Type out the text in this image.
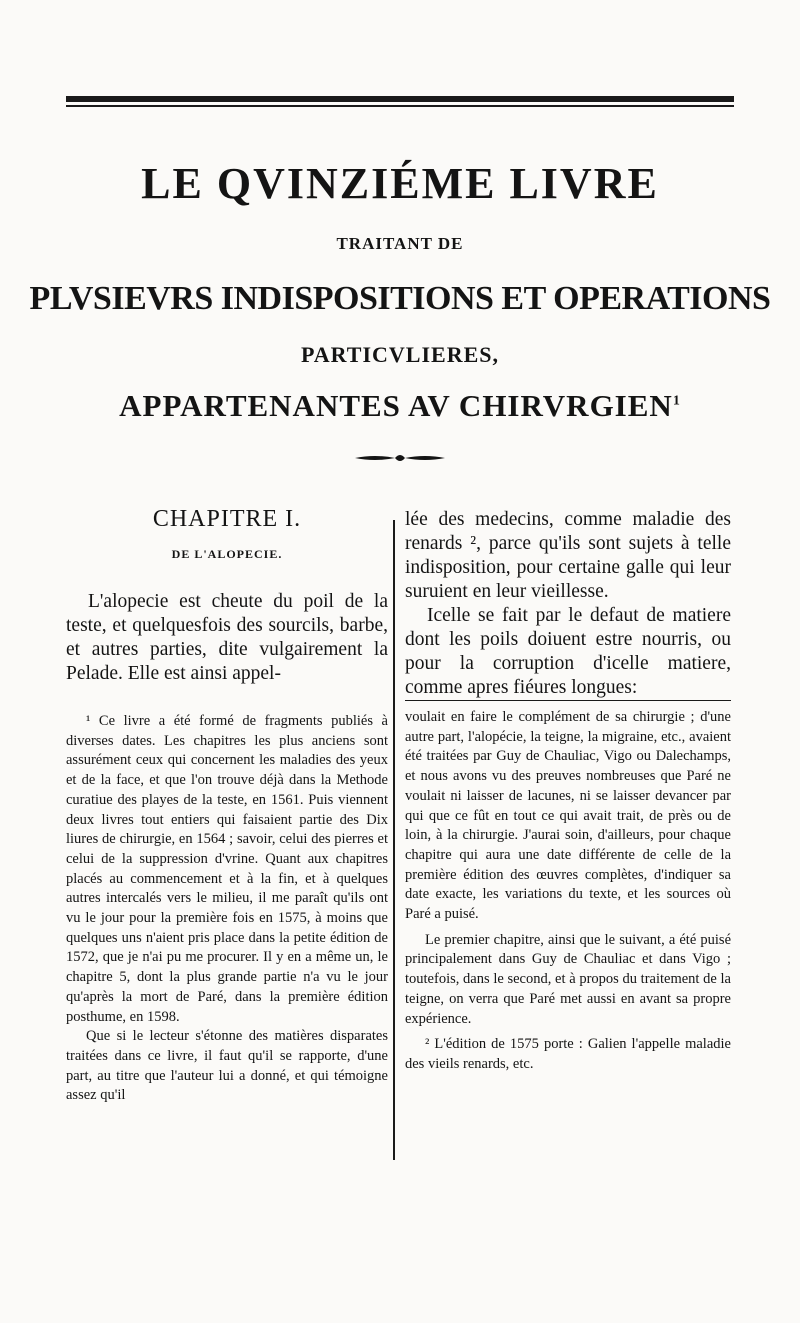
LE QVINZIÉME LIVRE
TRAITANT DE
PLVSIEVRS INDISPOSITIONS ET OPERATIONS
PARTICVLIERES,
APPARTENANTES AV CHIRVRGIEN$^1$
CHAPITRE I.
DE L'ALOPECIE.

L'alopecie est cheute du poil de la teste, et quelquesfois des sourcils, barbe, et autres parties, dite vulgairement la Pelade. Elle est ainsi appel-

¹ Ce livre a été formé de fragments publiés à diverses dates. Les chapitres les plus anciens sont assurément ceux qui concernent les maladies des yeux et de la face, et que l'on trouve déjà dans la Methode curatiue des playes de la teste, en 1561. Puis viennent deux livres tout entiers qui faisaient partie des Dix liures de chirurgie, en 1564 ; savoir, celui des pierres et celui de la suppression d'vrine. Quant aux chapitres placés au commencement et à la fin, et à quelques autres intercalés vers le milieu, il me paraît qu'ils ont vu le jour pour la première fois en 1575, à moins que quelques uns n'aient pris place dans la petite édition de 1572, que je n'ai pu me procurer. Il y en a même un, le chapitre 5, dont la plus grande partie n'a vu le jour qu'après la mort de Paré, dans la première édition posthume, en 1598.

Que si le lecteur s'étonne des matières disparates traitées dans ce livre, il faut qu'il se rapporte, d'une part, au titre que l'auteur lui a donné, et qui témoigne assez qu'il

lée des medecins, comme maladie des renards ², parce qu'ils sont sujets à telle indisposition, pour certaine galle qui leur suruient en leur vieillesse.

Icelle se fait par le defaut de matiere dont les poils doiuent estre nourris, ou pour la corruption d'icelle matiere, comme apres fiéures longues:

voulait en faire le complément de sa chirurgie ; d'une autre part, l'alopécie, la teigne, la migraine, etc., avaient été traitées par Guy de Chauliac, Vigo ou Dalechamps, et nous avons vu des preuves nombreuses que Paré ne voulait ni laisser de lacunes, ni se laisser devancer par qui que ce fût en tout ce qui avait trait, de près ou de loin, à la chirurgie. J'aurai soin, d'ailleurs, pour chaque chapitre qui aura une date différente de celle de la première édition des œuvres complètes, d'indiquer sa date exacte, les variations du texte, et les sources où Paré a puisé.

Le premier chapitre, ainsi que le suivant, a été puisé principalement dans Guy de Chauliac et dans Vigo ; toutefois, dans le second, et à propos du traitement de la teigne, on verra que Paré met aussi en avant sa propre expérience.

² L'édition de 1575 porte : Galien l'appelle maladie des vieils renards, etc.
